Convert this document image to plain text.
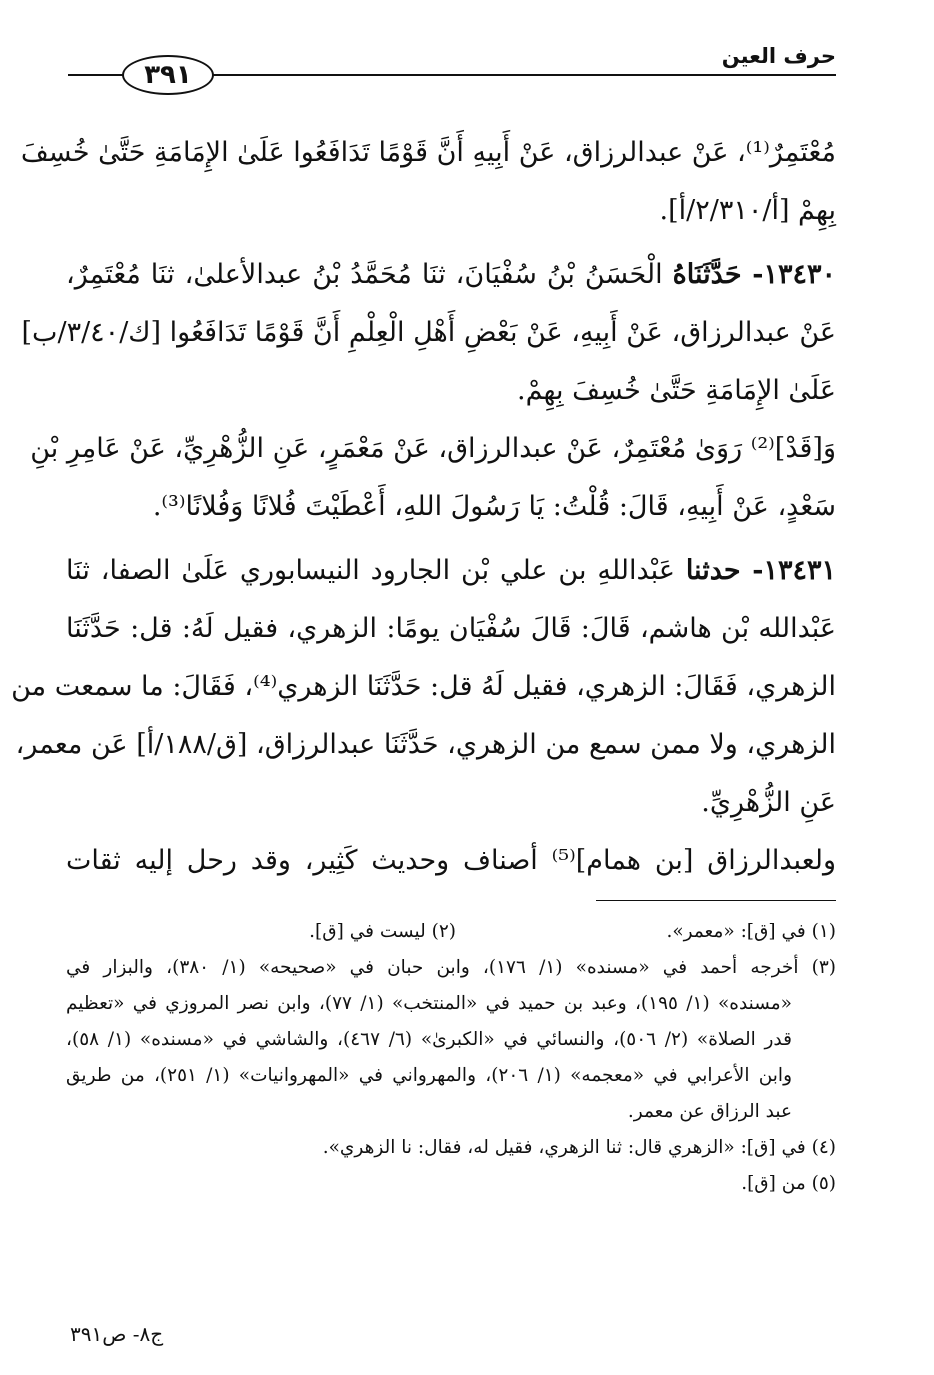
حرف العين
٣٩١
مُعْتَمِرٌ⁽¹⁾، عَنْ عبدالرزاق، عَنْ أَبِيهِ أَنَّ قَوْمًا تَدَافَعُوا عَلَىٰ الإِمَامَةِ حَتَّىٰ خُسِفَ
بِهِمْ [أ/٢/٣١٠/أ].
١٣٤٣٠- حَدَّثَنَاهُ الْحَسَنُ بْنُ سُفْيَانَ، ثنَا مُحَمَّدُ بْنُ عبدالأعلىٰ، ثنَا مُعْتَمِرٌ،
عَنْ عبدالرزاق، عَنْ أَبِيهِ، عَنْ بَعْضِ أَهْلِ الْعِلْمِ أَنَّ قَوْمًا تَدَافَعُوا [ك/٣/٤٠/ب]
عَلَىٰ الإِمَامَةِ حَتَّىٰ خُسِفَ بِهِمْ.
وَ[قَدْ]⁽²⁾ رَوَىٰ مُعْتَمِرٌ، عَنْ عبدالرزاق، عَنْ مَعْمَرٍ، عَنِ الزُّهْرِيِّ، عَنْ عَامِرِ بْنِ
سَعْدٍ، عَنْ أَبِيهِ، قَالَ: قُلْتُ: يَا رَسُولَ اللهِ، أَعْطَيْتَ فُلانًا وَفُلانًا⁽³⁾.
١٣٤٣١- حدثنا عَبْداللهِ بن علي بْن الجارود النيسابوري عَلَىٰ الصفا، ثنَا
عَبْدالله بْن هاشم، قَالَ: قَالَ سُفْيَان يومًا: الزهري، فقيل لَهُ: قل: حَدَّثَنَا
الزهري، فَقَالَ: الزهري، فقيل لَهُ قل: حَدَّثَنَا الزهري⁽⁴⁾، فَقَالَ: ما سمعت من
الزهري، ولا ممن سمع من الزهري، حَدَّثَنَا عبدالرزاق، [ق/١٨٨/أ] عَن معمر،
عَنِ الزُّهْرِيِّ.
ولعبدالرزاق [بن همام]⁽⁵⁾ أصناف وحديث كَثِير، وقد رحل إليه ثقات
(١) في [ق]: «معمر».
(٢) ليست في [ق].
(٣) أخرجه أحمد في «مسنده» (١/ ١٧٦)، وابن حبان في «صحيحه» (١/ ٣٨٠)، والبزار في
«مسنده» (١/ ١٩٥)، وعبد بن حميد في «المنتخب» (١/ ٧٧)، وابن نصر المروزي في «تعظيم
قدر الصلاة» (٢/ ٥٠٦)، والنسائي في «الكبرىٰ» (٦/ ٤٦٧)، والشاشي في «مسنده» (١/ ٥٨)،
وابن الأعرابي في «معجمه» (١/ ٢٠٦)، والمهرواني في «المهروانيات» (١/ ٢٥١)، من طريق
عبد الرزاق عن معمر.
(٤) في [ق]: «الزهري قال: ثنا الزهري، فقيل له، فقال: نا الزهري».
(٥) من [ق].
ج٨- ص٣٩١
